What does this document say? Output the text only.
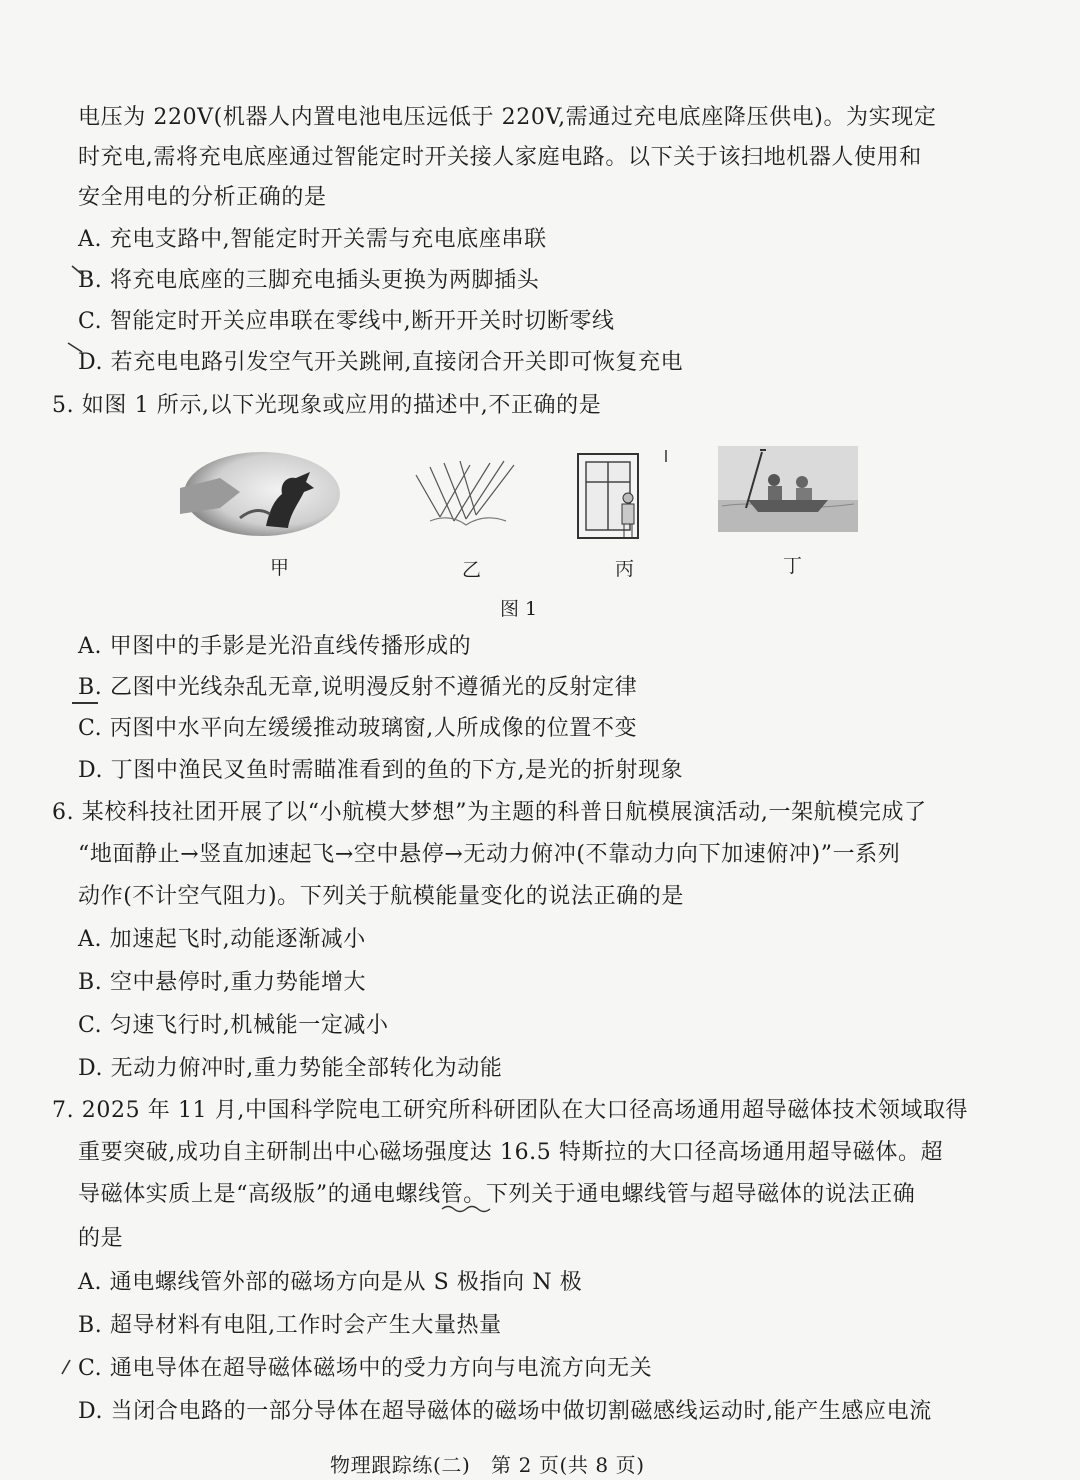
电压为 220V(机器人内置电池电压远低于 220V,需通过充电底座降压供电)。为实现定
时充电,需将充电底座通过智能定时开关接人家庭电路。以下关于该扫地机器人使用和
安全用电的分析正确的是
A. 充电支路中,智能定时开关需与充电底座串联
B. 将充电底座的三脚充电插头更换为两脚插头
C. 智能定时开关应串联在零线中,断开开关时切断零线
D. 若充电电路引发空气开关跳闸,直接闭合开关即可恢复充电
5. 如图 1 所示,以下光现象或应用的描述中,不正确的是
甲	乙	丙	丁
图 1
A. 甲图中的手影是光沿直线传播形成的
B. 乙图中光线杂乱无章,说明漫反射不遵循光的反射定律
C. 丙图中水平向左缓缓推动玻璃窗,人所成像的位置不变
D. 丁图中渔民叉鱼时需瞄准看到的鱼的下方,是光的折射现象
6. 某校科技社团开展了以“小航模大梦想”为主题的科普日航模展演活动,一架航模完成了
“地面静止→竖直加速起飞→空中悬停→无动力俯冲(不靠动力向下加速俯冲)”一系列
动作(不计空气阻力)。下列关于航模能量变化的说法正确的是
A. 加速起飞时,动能逐渐减小
B. 空中悬停时,重力势能增大
C. 匀速飞行时,机械能一定减小
D. 无动力俯冲时,重力势能全部转化为动能
7. 2025 年 11 月,中国科学院电工研究所科研团队在大口径高场通用超导磁体技术领域取得
重要突破,成功自主研制出中心磁场强度达 16.5 特斯拉的大口径高场通用超导磁体。超
导磁体实质上是“高级版”的通电螺线管。下列关于通电螺线管与超导磁体的说法正确
的是
A. 通电螺线管外部的磁场方向是从 S 极指向 N 极
B. 超导材料有电阻,工作时会产生大量热量
C. 通电导体在超导磁体磁场中的受力方向与电流方向无关
D. 当闭合电路的一部分导体在超导磁体的磁场中做切割磁感线运动时,能产生感应电流
物理跟踪练(二)　第 2 页(共 8 页)
